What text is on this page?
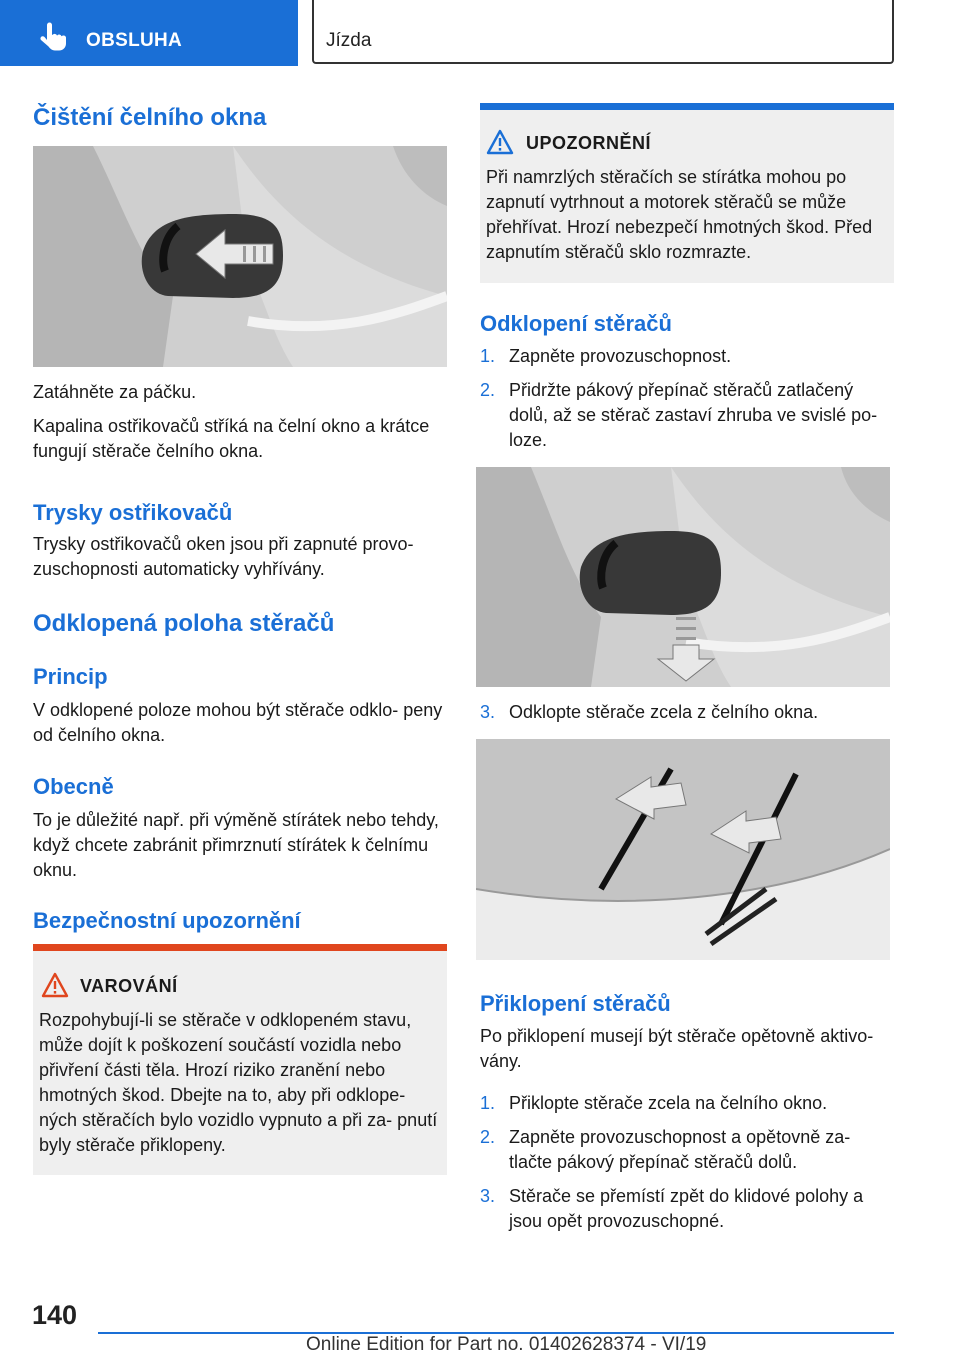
OBSLUHA	Jízda
Čištění čelního okna
Zatáhněte za páčku.
Kapalina ostřikovačů stříká na čelní okno a krátce fungují stěrače čelního okna.
Trysky ostřikovačů
Trysky ostřikovačů oken jsou při zapnuté provo- zuschopnosti automaticky vyhřívány.
Odklopená poloha stěračů
Princip
V odklopené poloze mohou být stěrače odklo- peny od čelního okna.
Obecně
To je důležité např. při výměně stírátek nebo tehdy, když chcete zabránit přimrznutí stírátek k čelnímu oknu.
Bezpečnostní upozornění
VAROVÁNÍ
Rozpohybují-li se stěrače v odklopeném stavu, může dojít k poškození součástí vozidla nebo přivření části těla. Hrozí riziko zranění nebo hmotných škod. Dbejte na to, aby při odklope- ných stěračích bylo vozidlo vypnuto a při za- pnutí byly stěrače přiklopeny.
UPOZORNĚNÍ
Při namrzlých stěračích se stírátka mohou po zapnutí vytrhnout a motorek stěračů se může přehřívat. Hrozí nebezpečí hmotných škod. Před zapnutím stěračů sklo rozmrazte.
Odklopení stěračů
1. Zapněte provozuschopnost.
2. Přidržte pákový přepínač stěračů zatlačený dolů, až se stěrač zastaví zhruba ve svislé po- loze.
3. Odklopte stěrače zcela z čelního okna.
Přiklopení stěračů
Po přiklopení musejí být stěrače opětovně aktivo- vány.
1. Přiklopte stěrače zcela na čelního okno.
2. Zapněte provozuschopnost a opětovně za- tlačte pákový přepínač stěračů dolů.
3. Stěrače se přemístí zpět do klidové polohy a jsou opět provozuschopné.
140
Online Edition for Part no. 01402628374 - VI/19
